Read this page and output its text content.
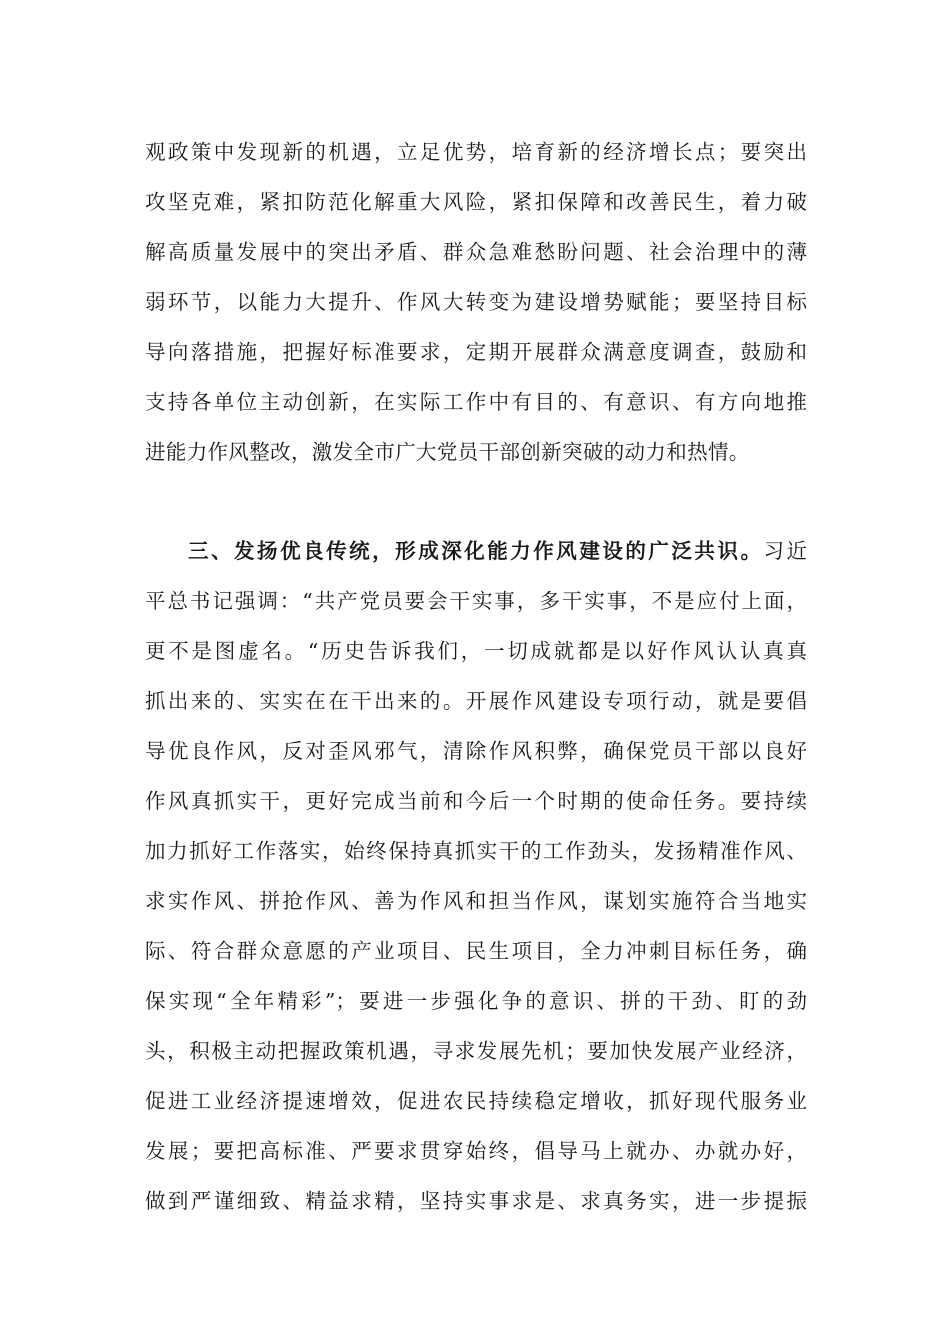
观政策中发现新的机遇，立足优势，培育新的经济增长点；要突出
攻坚克难，紧扣防范化解重大风险，紧扣保障和改善民生，着力破
解高质量发展中的突出矛盾、群众急难愁盼问题、社会治理中的薄
弱环节，以能力大提升、作风大转变为建设增势赋能；要坚持目标
导向落措施，把握好标准要求，定期开展群众满意度调查，鼓励和
支持各单位主动创新，在实际工作中有目的、有意识、有方向地推
进能力作风整改，激发全市广大党员干部创新突破的动力和热情。
三、发扬优良传统，形成深化能力作风建设的广泛共识。习近
平总书记强调：“共产党员要会干实事，多干实事，不是应付上面，
更不是图虚名。“历史告诉我们，一切成就都是以好作风认认真真
抓出来的、实实在在干出来的。开展作风建设专项行动，就是要倡
导优良作风，反对歪风邪气，清除作风积弊，确保党员干部以良好
作风真抓实干，更好完成当前和今后一个时期的使命任务。要持续
加力抓好工作落实，始终保持真抓实干的工作劲头，发扬精准作风、
求实作风、拼抢作风、善为作风和担当作风，谋划实施符合当地实
际、符合群众意愿的产业项目、民生项目，全力冲刺目标任务，确
保实现“全年精彩”；要进一步强化争的意识、拼的干劲、盯的劲
头，积极主动把握政策机遇，寻求发展先机；要加快发展产业经济，
促进工业经济提速增效，促进农民持续稳定增收，抓好现代服务业
发展；要把高标准、严要求贯穿始终，倡导马上就办、办就办好，
做到严谨细致、精益求精，坚持实事求是、求真务实，进一步提振
